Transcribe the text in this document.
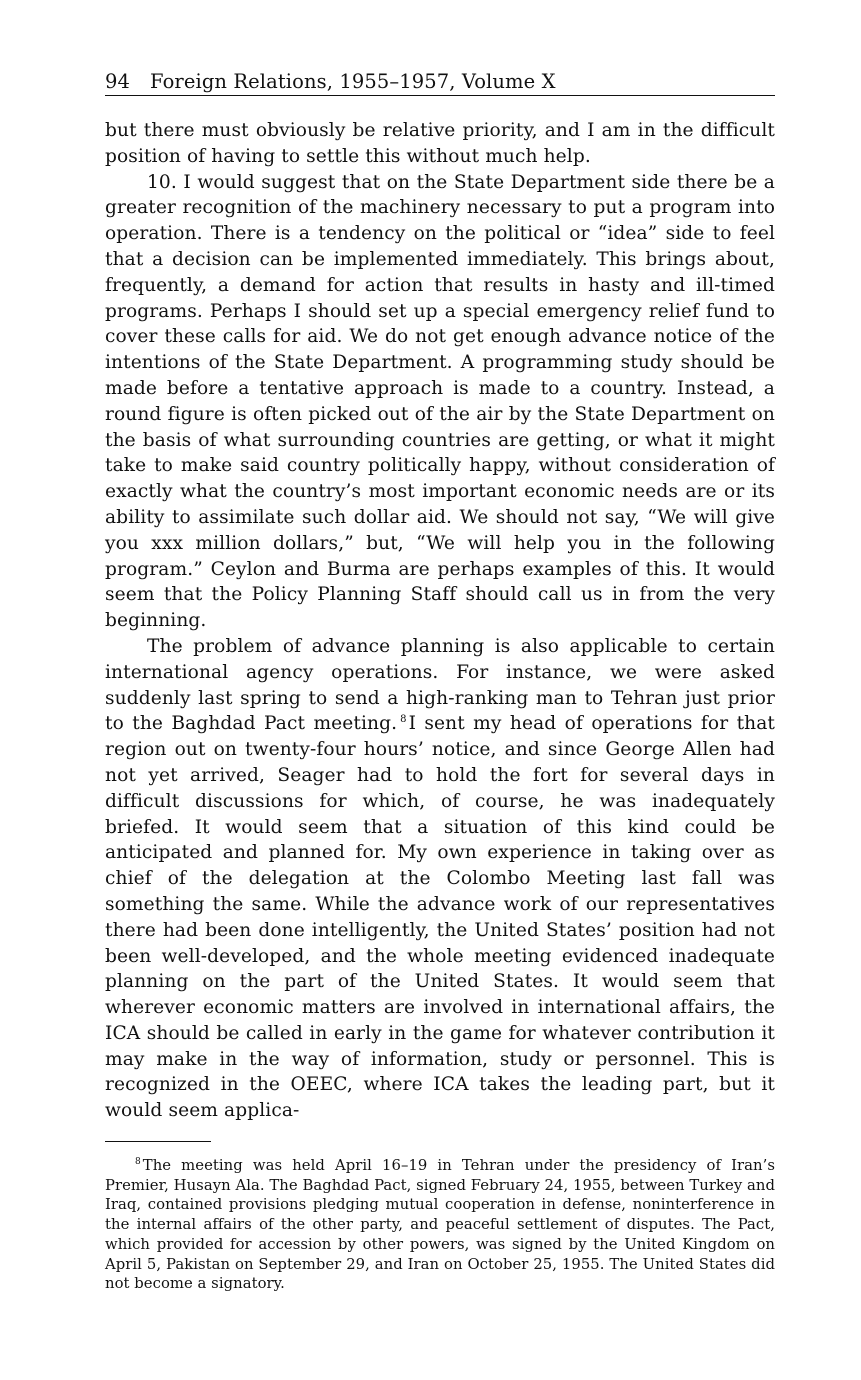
94 Foreign Relations, 1955–1957, Volume X

but there must obviously be relative priority, and I am in the difficult position of having to settle this without much help.

10. I would suggest that on the State Department side there be a greater recognition of the machinery necessary to put a program into operation. There is a tendency on the political or “idea” side to feel that a decision can be implemented immediately. This brings about, frequently, a demand for action that results in hasty and ill-timed programs. Perhaps I should set up a special emergency relief fund to cover these calls for aid. We do not get enough advance notice of the intentions of the State Department. A programming study should be made before a tentative approach is made to a country. Instead, a round figure is often picked out of the air by the State Department on the basis of what surrounding countries are getting, or what it might take to make said country politically happy, without consideration of exactly what the country’s most important economic needs are or its ability to assimilate such dollar aid. We should not say, “We will give you xxx million dollars,” but, “We will help you in the following program.” Ceylon and Burma are perhaps examples of this. It would seem that the Policy Planning Staff should call us in from the very beginning.

The problem of advance planning is also applicable to certain international agency operations. For instance, we were asked suddenly last spring to send a high-ranking man to Tehran just prior to the Baghdad Pact meeting. $^8$ I sent my head of operations for that region out on twenty-four hours’ notice, and since George Allen had not yet arrived, Seager had to hold the fort for several days in difficult discussions for which, of course, he was inadequately briefed. It would seem that a situation of this kind could be anticipated and planned for. My own experience in taking over as chief of the delegation at the Colombo Meeting last fall was something the same. While the advance work of our representatives there had been done intelligently, the United States’ position had not been well-developed, and the whole meeting evidenced inadequate planning on the part of the United States. It would seem that wherever economic matters are involved in international affairs, the ICA should be called in early in the game for whatever contribution it may make in the way of information, study or personnel. This is recognized in the OEEC, where ICA takes the leading part, but it would seem applica-

$^8$ The meeting was held April 16–19 in Tehran under the presidency of Iran’s Premier, Husayn Ala. The Baghdad Pact, signed February 24, 1955, between Turkey and Iraq, contained provisions pledging mutual cooperation in defense, noninterference in the internal affairs of the other party, and peaceful settlement of disputes. The Pact, which provided for accession by other powers, was signed by the United Kingdom on April 5, Pakistan on September 29, and Iran on October 25, 1955. The United States did not become a signatory.
